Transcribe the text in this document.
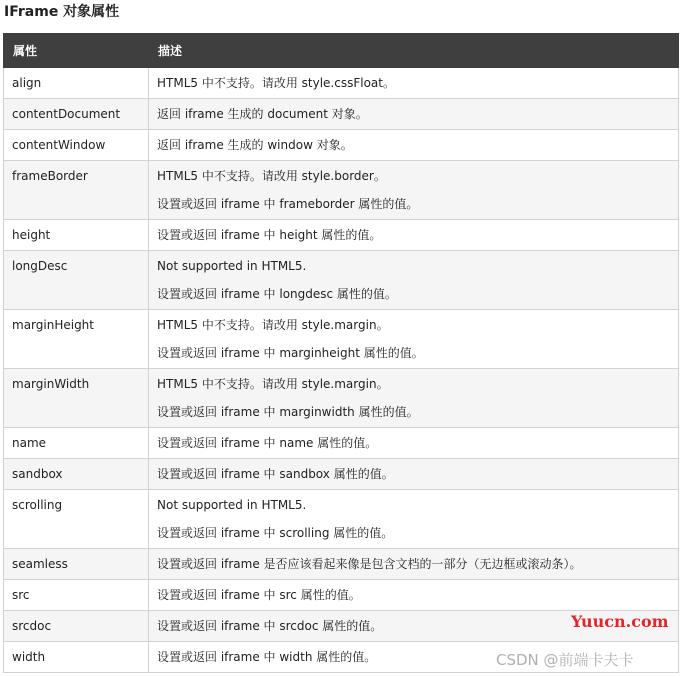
IFrame 对象属性
属性	描述
align	HTML5 中不支持。请改用 style.cssFloat。

contentDocument	返回 iframe 生成的 document 对象。

contentWindow	返回 iframe 生成的 window 对象。

frameBorder	HTML5 中不支持。请改用 style.border。
设置或返回 iframe 中 frameborder 属性的值。

height	设置或返回 iframe 中 height 属性的值。

longDesc	Not supported in HTML5.
设置或返回 iframe 中 longdesc 属性的值。

marginHeight	HTML5 中不支持。请改用 style.margin。
设置或返回 iframe 中 marginheight 属性的值。

marginWidth	HTML5 中不支持。请改用 style.margin。
设置或返回 iframe 中 marginwidth 属性的值。

name	设置或返回 iframe 中 name 属性的值。

sandbox	设置或返回 iframe 中 sandbox 属性的值。

scrolling	Not supported in HTML5.
设置或返回 iframe 中 scrolling 属性的值。

seamless	设置或返回 iframe 是否应该看起来像是包含文档的一部分（无边框或滚动条）。

src	设置或返回 iframe 中 src 属性的值。

srcdoc	设置或返回 iframe 中 srcdoc 属性的值。

width	设置或返回 iframe 中 width 属性的值。
Yuucn.com
CSDN @前端卡夫卡
